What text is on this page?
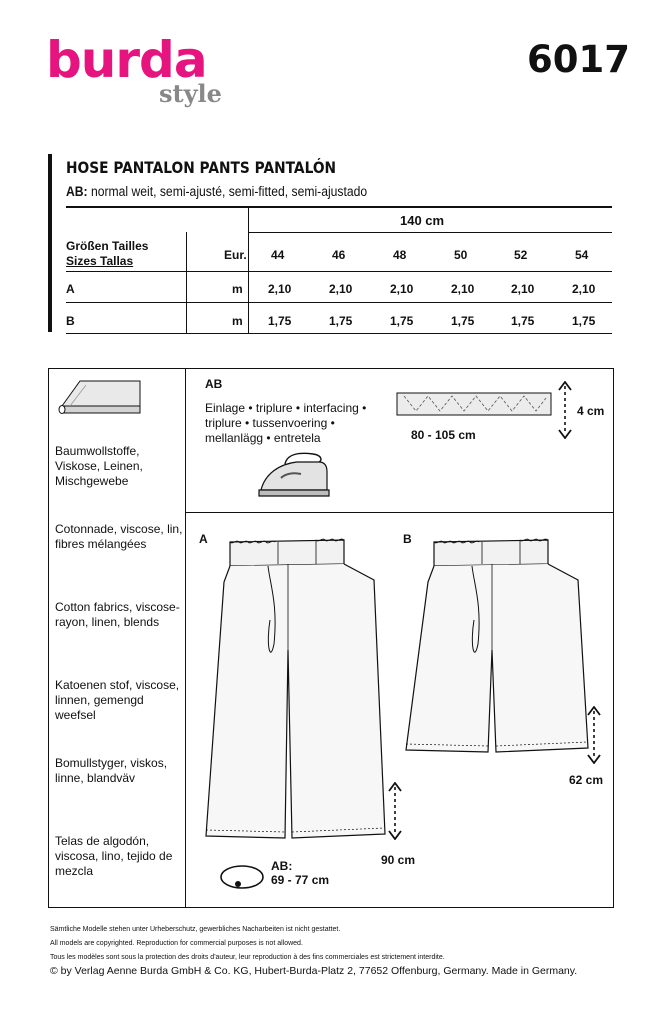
burda
style
6017
HOSE PANTALON PANTS PANTALÓN
AB: normal weit, semi-ajusté, semi-fitted, semi-ajustado
140 cm
Größen Tailles
Sizes Tallas	Eur. 44	46	48	50	52	54
A	m 2,10	2,10	2,10	2,10	2,10	2,10
B	m 1,75	1,75	1,75	1,75	1,75	1,75
Baumwollstoffe, Viskose, Leinen, Mischgewebe
Cotonnade, viscose, lin, fibres mélangées
Cotton fabrics, viscose-rayon, linen, blends
Katoenen stof, viscose, linnen, gemengd weefsel
Bomullstyger, viskos, linne, blandväv
Telas de algodón, viscosa, lino, tejido de mezcla
AB
Einlage • triplure • interfacing •
triplure • tussenvoering •
mellanlägg • entretela
4 cm
80 - 105 cm
A
90 cm
B
62 cm
AB:
69 - 77 cm
Sämtliche Modelle stehen unter Urheberschutz, gewerbliches Nacharbeiten ist nicht gestattet.
All models are copyrighted. Reproduction for commercial purposes is not allowed.
Tous les modèles sont sous la protection des droits d'auteur, leur reproduction à des fins commerciales est strictement interdite.
© by Verlag Aenne Burda GmbH & Co. KG, Hubert-Burda-Platz 2, 77652 Offenburg, Germany. Made in Germany.
